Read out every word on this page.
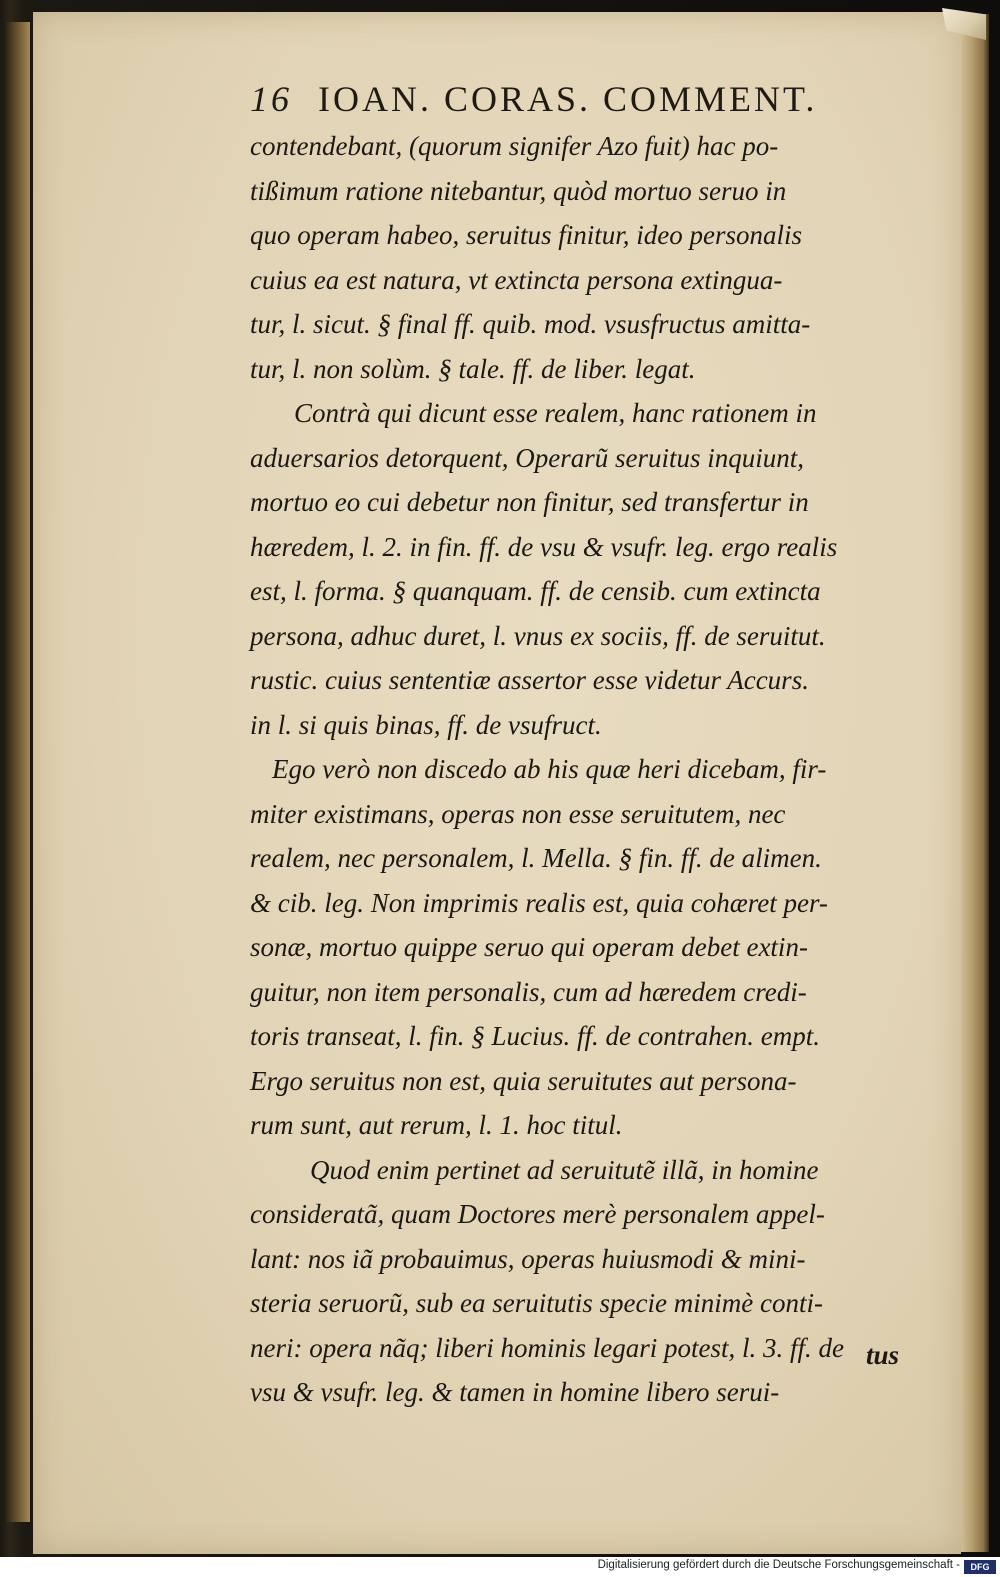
16 IOAN. CORAS. COMMENT.
contendebant, (quorum signifer Azo fuit) hac po-
tißimum ratione nitebantur, quòd mortuo seruo in
quo operam habeo, seruitus finitur, ideo personalis
cuius ea est natura, vt extincta persona extingua-
tur, l. sicut. § final ff. quib. mod. vsusfructus amitta-
tur, l. non solùm. § tale. ff. de liber. legat.
Contrà qui dicunt esse realem, hanc rationem in
aduersarios detorquent, Operarũ seruitus inquiunt,
mortuo eo cui debetur non finitur, sed transfertur in
hæredem, l. 2. in fin. ff. de vsu & vsufr. leg. ergo realis
est, l. forma. § quanquam. ff. de censib. cum extincta
persona, adhuc duret, l. vnus ex sociis, ff. de seruitut.
rustic. cuius sententiæ assertor esse videtur Accurs.
in l. si quis binas, ff. de vsufruct.
Ego verò non discedo ab his quæ heri dicebam, fir-
miter existimans, operas non esse seruitutem, nec
realem, nec personalem, l. Mella. § fin. ff. de alimen.
& cib. leg. Non imprimis realis est, quia cohæret per-
sonæ, mortuo quippe seruo qui operam debet extin-
guitur, non item personalis, cum ad hæredem credi-
toris transeat, l. fin. § Lucius. ff. de contrahen. empt.
Ergo seruitus non est, quia seruitutes aut persona-
rum sunt, aut rerum, l. 1. hoc titul.
Quod enim pertinet ad seruitutẽ illã, in homine
consideratã, quam Doctores merè personalem appel-
lant: nos iã probauimus, operas huiusmodi & mini-
steria seruorũ, sub ea seruitutis specie minimè conti-
neri: opera nãq; liberi hominis legari potest, l. 3. ff. de
vsu & vsufr. leg. & tamen in homine libero serui-
tus
Digitalisierung gefördert durch die Deutsche Forschungsgemeinschaft -	DFG
